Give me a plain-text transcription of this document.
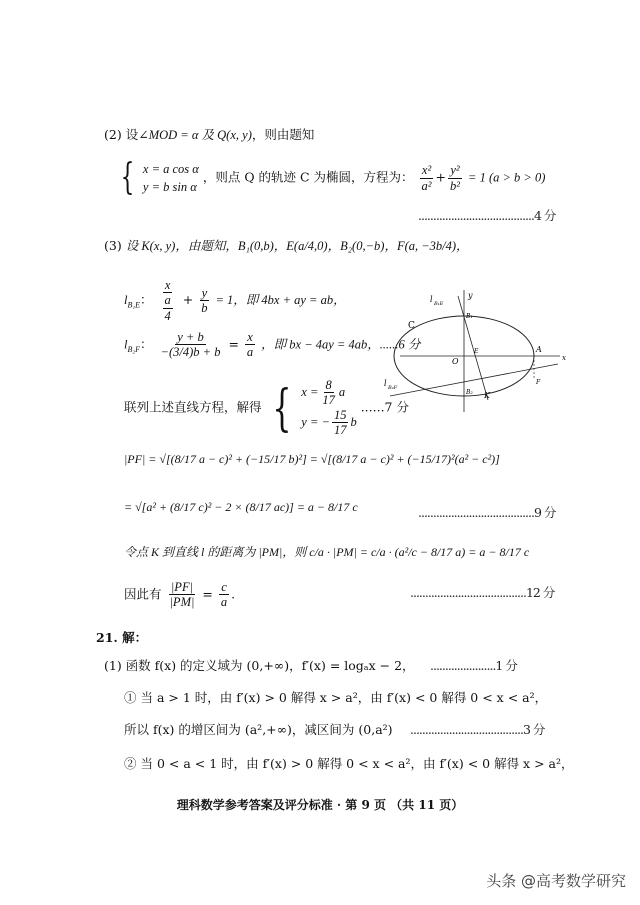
(2) 设∠MOD = α 及 Q(x, y)，则由题知
{ x = a cos α
y = b sin α
，则点 Q 的轨迹 C 为椭圆，方程为： $\frac{\text{x²}}{\text{a²}} + \frac{\text{y²}}{\text{b²}} = 1$ (a > b > 0)
.......................................4 分
(3) 设 K(x, y)，由题知，B₁(0,b)，E(a/4,0)，B₂(0,−b)，F(a, −3b/4)，
$l_{B_1E}$： $\frac{x}{\frac{a}{4}} + \frac{y}{b} = 1$，即 4bx + ay = ab，
$l_{B_2F}$： $\frac{y + b}{-(3/4)b + b} = \frac{x}{a}$ ，即 bx − 4ay = 4ab，......6 分
联列上述直线方程，解得 { $x = \frac{8}{17}$ a
y = − $\frac{15}{17}$ b
......7 分
l B₁E
y
C
B₁
O
E	A
x
l B₂F
B₂ K
F
|PF| = √[(8/17 a − c)² + (−15/17 b)²] = √[(8/17 a − c)² + (−15/17)²(a² − c²)]
= √[a² + (8/17 c)² − 2 × (8/17 ac)] = a − 8/17 c	.......................................9 分
令点 K 到直线 l 的距离为 |PM|，则 c/a · |PM| = c/a · (a²/c − 8/17 a) = a − 8/17 c
因此有 $\frac{|PF|}{|PM|} = \frac{c}{a}$ .	.......................................12 分
21. 解：
(1) 函数 f(x) 的定义域为 (0,+∞)，f′(x) = logₐx − 2， ......................1 分
① 当 a > 1 时，由 f′(x) > 0 解得 x > a²，由 f′(x) < 0 解得 0 < x < a²，
所以 f(x) 的增区间为 (a²,+∞)，减区间为 (0,a²) ......................................3 分
② 当 0 < a < 1 时，由 f′(x) > 0 解得 0 < x < a²，由 f′(x) < 0 解得 x > a²，
理科数学参考答案及评分标准 · 第 9 页 （共 11 页）
头条 @高考数学研究
